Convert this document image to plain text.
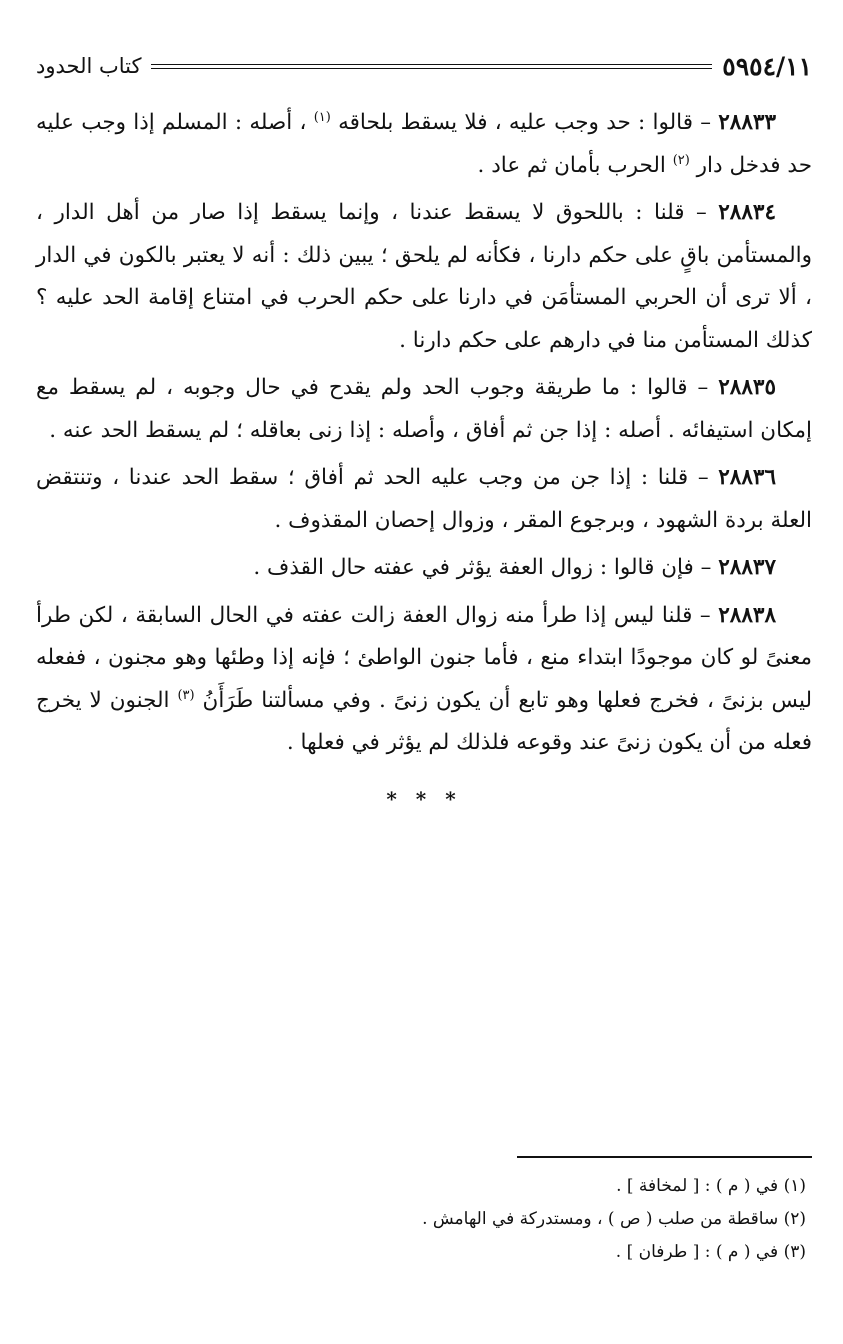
٥٩٥٤/١١
كتاب الحدود

٢٨٨٣٣ – قالوا : حد وجب عليه ، فلا يسقط بلحاقه $^{(١)}$ ، أصله : المسلم إذا وجب عليه حد فدخل دار $^{(٢)}$ الحرب بأمان ثم عاد .

٢٨٨٣٤ – قلنا : باللحوق لا يسقط عندنا ، وإنما يسقط إذا صار من أهل الدار ، والمستأمن باقٍ على حكم دارنا ، فكأنه لم يلحق ؛ يبين ذلك : أنه لا يعتبر بالكون في الدار ، ألا ترى أن الحربي المستأمَن في دارنا على حكم الحرب في امتناع إقامة الحد عليه ؟ كذلك المستأمن منا في دارهم على حكم دارنا .

٢٨٨٣٥ – قالوا : ما طريقة وجوب الحد ولم يقدح في حال وجوبه ، لم يسقط مع إمكان استيفائه . أصله : إذا جن ثم أفاق ، وأصله : إذا زنى بعاقله ؛ لم يسقط الحد عنه .

٢٨٨٣٦ – قلنا : إذا جن من وجب عليه الحد ثم أفاق ؛ سقط الحد عندنا ، وتنتقض العلة بردة الشهود ، وبرجوع المقر ، وزوال إحصان المقذوف .

٢٨٨٣٧ – فإن قالوا : زوال العفة يؤثر في عفته حال القذف .

٢٨٨٣٨ – قلنا ليس إذا طرأ منه زوال العفة زالت عفته في الحال السابقة ، لكن طرأ معنىً لو كان موجودًا ابتداء منع ، فأما جنون الواطئ ؛ فإنه إذا وطئها وهو مجنون ، ففعله ليس بزنىً ، فخرج فعلها وهو تابع أن يكون زنىً . وفي مسألتنا طَرَأَنُ $^{(٣)}$ الجنون لا يخرج فعله من أن يكون زنىً عند وقوعه فلذلك لم يؤثر في فعلها .

* * *
(١) في ( م ) : [ لمخافة ] .
(٢) ساقطة من صلب ( ص ) ، ومستدركة في الهامش .
(٣) في ( م ) : [ طرفان ] .
